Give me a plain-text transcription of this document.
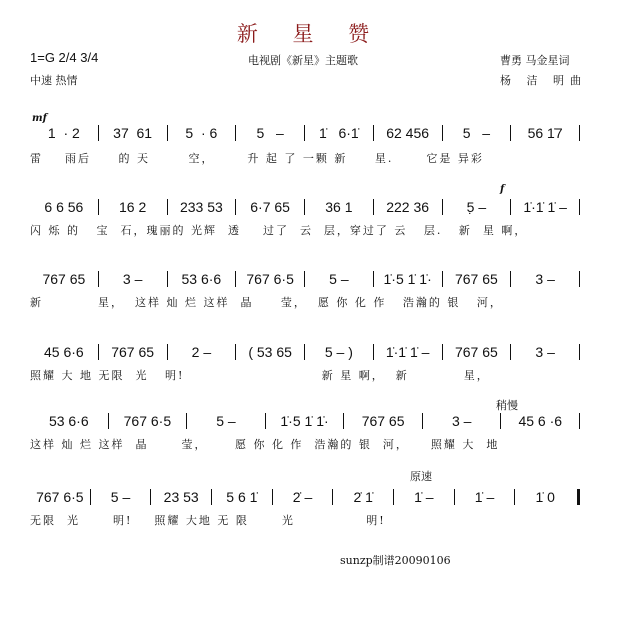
新 星 赞
1=G 2/4 3/4
中速 热情
电视剧《新星》主题歌	曹勇 马金星词
杨 洁 明曲
mf
f
稍慢
原速
1  · 2	37  61	5  · 6	5   –	1̇   6·1̇	62 456	5   –	56 1̇7
雷    雨后     的 天       空，      升 起 了 一颗 新     星.      它是 异彩
6 6 56	16 2	233 53	6·7 65	36 1	222 36	5̣ –	1̇·1̇ 1̇ –
闪 烁 的   宝  石，瑰丽的 光辉  透    过了  云  层，穿过了 云   层.   新  星 啊，
767 65	3 –	53 6·6	767 6·5	5 –	1̇·5 1̇ 1̇·	767 65	3 –
新          星，  这样 灿 烂 这样  晶     莹，  愿 你 化 作   浩瀚的 银   河，
45 6·6	767 65	2 –	( 53 65	5 – )	1̇·1̇ 1̇ –	767 65	3 –
照耀 大 地 无限  光   明!                         新 星 啊，  新          星，
53 6·6	767 6·5	5 –	1̇·5 1̇ 1̇·	767 65	3 –	45 6 ·6
这样 灿 烂 这样  晶      莹，     愿 你 化 作  浩瀚的 银  河，    照耀 大  地
767 6·5	5 –	23 53	5 6 1̇	2̇ –	2̇ 1̇	1̇ –	1̇ –	1̇ 0
无限  光      明!    照耀 大地 无 限      光             明!
sunzp制谱20090106
